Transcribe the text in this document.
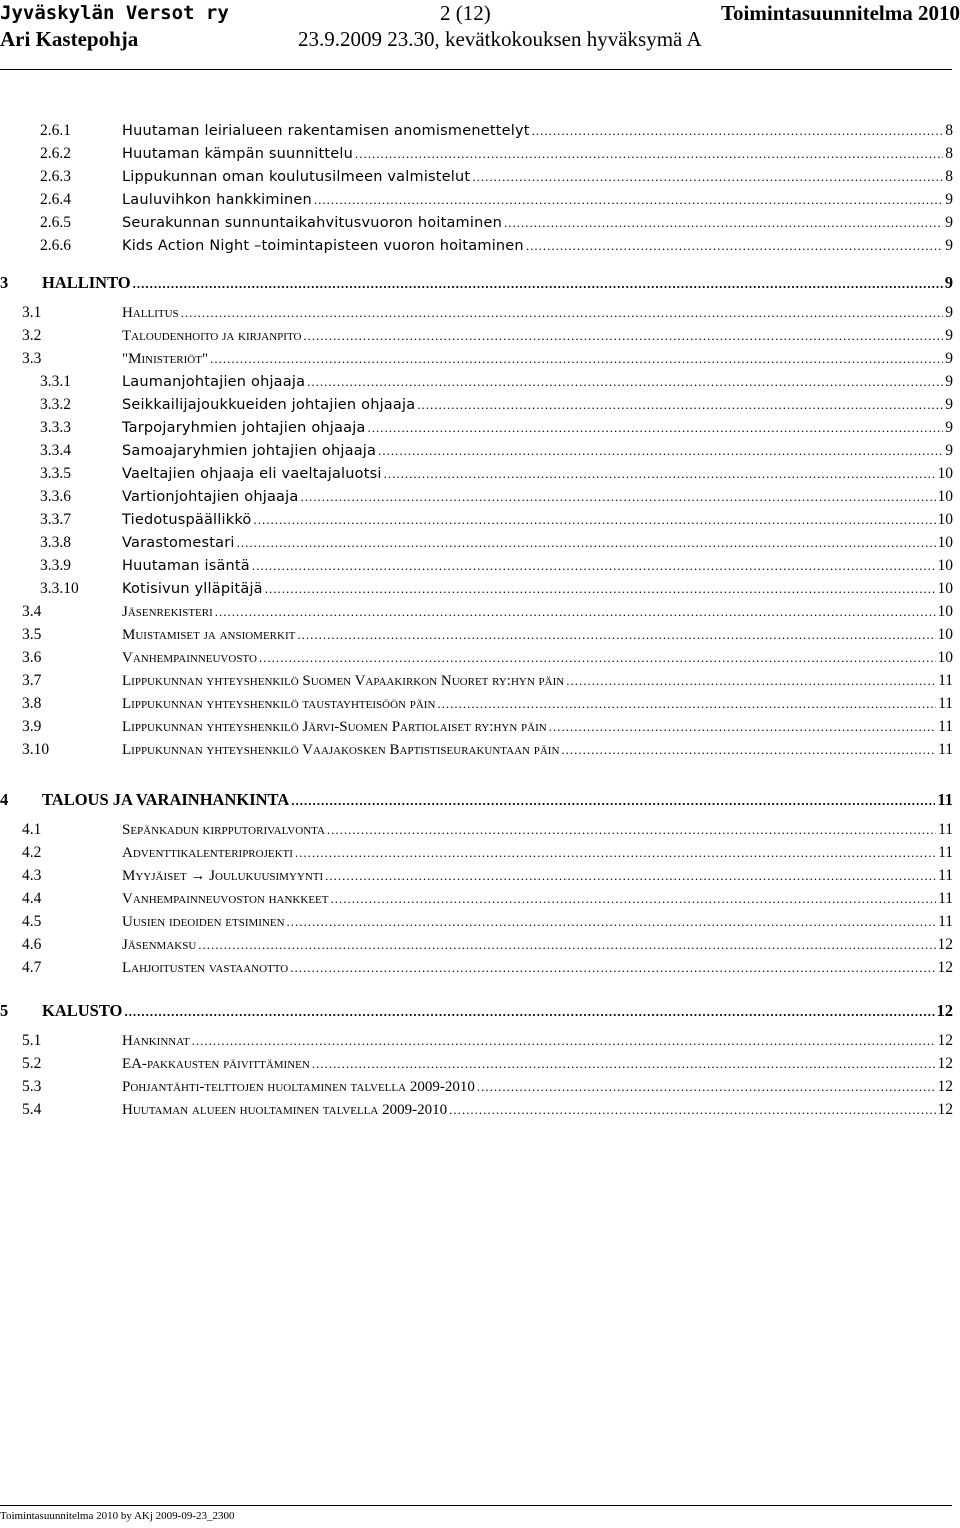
Jyväskylän Versot ry	2 (12)	Toimintasuunnitelma 2010
Ari Kastepohja	23.9.2009 23.30, kevätkokouksen hyväksymä A
2.6.1	Huutaman leirialueen rakentamisen anomismenettelyt .....	8
2.6.2	Huutaman kämpän suunnittelu .....	8
2.6.3	Lippukunnan oman koulutusilmeen valmistelut .....	8
2.6.4	Lauluvihkon hankkiminen .....	9
2.6.5	Seurakunnan sunnuntaikahvitusvuoron hoitaminen .....	9
2.6.6	Kids Action Night –toimintapisteen vuoron hoitaminen .....	9
3	HALLINTO .....	9
3.1	Hallitus .....	9
3.2	Taloudenhoito ja kirjanpito .....	9
3.3	"Ministeriöt" .....	9
3.3.1	Laumanjohtajien ohjaaja .....	9
3.3.2	Seikkailijajoukkueiden johtajien ohjaaja .....	9
3.3.3	Tarpojaryhmien johtajien ohjaaja .....	9
3.3.4	Samoajaryhmien johtajien ohjaaja .....	9
3.3.5	Vaeltajien ohjaaja eli vaeltajaluotsi .....	10
3.3.6	Vartionjohtajien ohjaaja .....	10
3.3.7	Tiedotuspäällikkö .....	10
3.3.8	Varastomestari .....	10
3.3.9	Huutaman isäntä .....	10
3.3.10	Kotisivun ylläpitäjä .....	10
3.4	Jäsenrekisteri .....	10
3.5	Muistamiset ja ansiomerkit .....	10
3.6	Vanhempainneuvosto .....	10
3.7	Lippukunnan yhteyshenkilö Suomen Vapaakirkon Nuoret ry:hyn päin .....	11
3.8	Lippukunnan yhteyshenkilö taustayhteisöön päin .....	11
3.9	Lippukunnan yhteyshenkilö Järvi-Suomen Partiolaiset ry:hyn päin .....	11
3.10	Lippukunnan yhteyshenkilö Vaajakosken Baptistiseurakuntaan päin .....	11
4	TALOUS JA VARAINHANKINTA .....	11
4.1	Sepänkadun kirpputorivalvonta .....	11
4.2	Adventtikalenteriprojekti .....	11
4.3	Myyjäiset → Joulukuusimyynti .....	11
4.4	Vanhempainneuvoston hankkeet .....	11
4.5	Uusien ideoiden etsiminen .....	11
4.6	Jäsenmaksu .....	12
4.7	Lahjoitusten vastaanotto .....	12
5	KALUSTO .....	12
5.1	Hankinnat .....	12
5.2	EA-pakkausten päivittäminen .....	12
5.3	Pohjantähti-telttojen huoltaminen talvella 2009-2010 .....	12
5.4	Huutaman alueen huoltaminen talvella 2009-2010 .....	12
Toimintasuunnitelma 2010 by AKj 2009-09-23_2300
